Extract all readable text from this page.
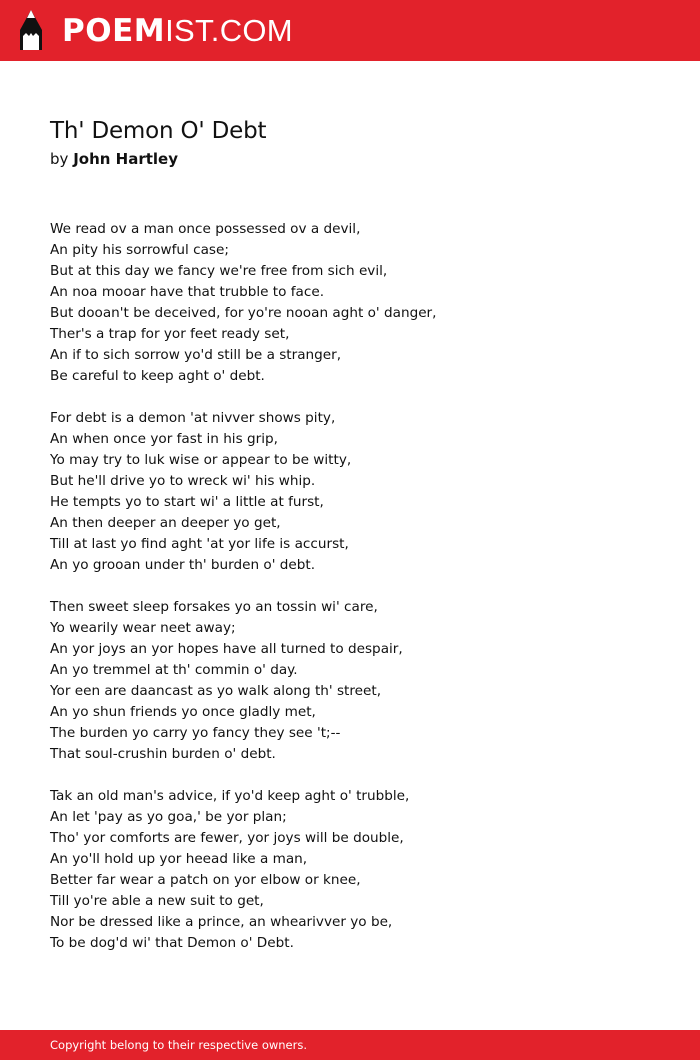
POEMIST.COM
Th' Demon O' Debt
by John Hartley
We read ov a man once possessed ov a devil,
An pity his sorrowful case;
But at this day we fancy we're free from sich evil,
An noa mooar have that trubble to face.
But dooan't be deceived, for yo're nooan aght o' danger,
Ther's a trap for yor feet ready set,
An if to sich sorrow yo'd still be a stranger,
Be careful to keep aght o' debt.
For debt is a demon 'at nivver shows pity,
An when once yor fast in his grip,
Yo may try to luk wise or appear to be witty,
But he'll drive yo to wreck wi' his whip.
He tempts yo to start wi' a little at furst,
An then deeper an deeper yo get,
Till at last yo find aght 'at yor life is accurst,
An yo grooan under th' burden o' debt.
Then sweet sleep forsakes yo an tossin wi' care,
Yo wearily wear neet away;
An yor joys an yor hopes have all turned to despair,
An yo tremmel at th' commin o' day.
Yor een are daancast as yo walk along th' street,
An yo shun friends yo once gladly met,
The burden yo carry yo fancy they see 't;--
That soul-crushin burden o' debt.
Tak an old man's advice, if yo'd keep aght o' trubble,
An let 'pay as yo goa,' be yor plan;
Tho' yor comforts are fewer, yor joys will be double,
An yo'll hold up yor heead like a man,
Better far wear a patch on yor elbow or knee,
Till yo're able a new suit to get,
Nor be dressed like a prince, an whearivver yo be,
To be dog'd wi' that Demon o' Debt.
Copyright belong to their respective owners.
